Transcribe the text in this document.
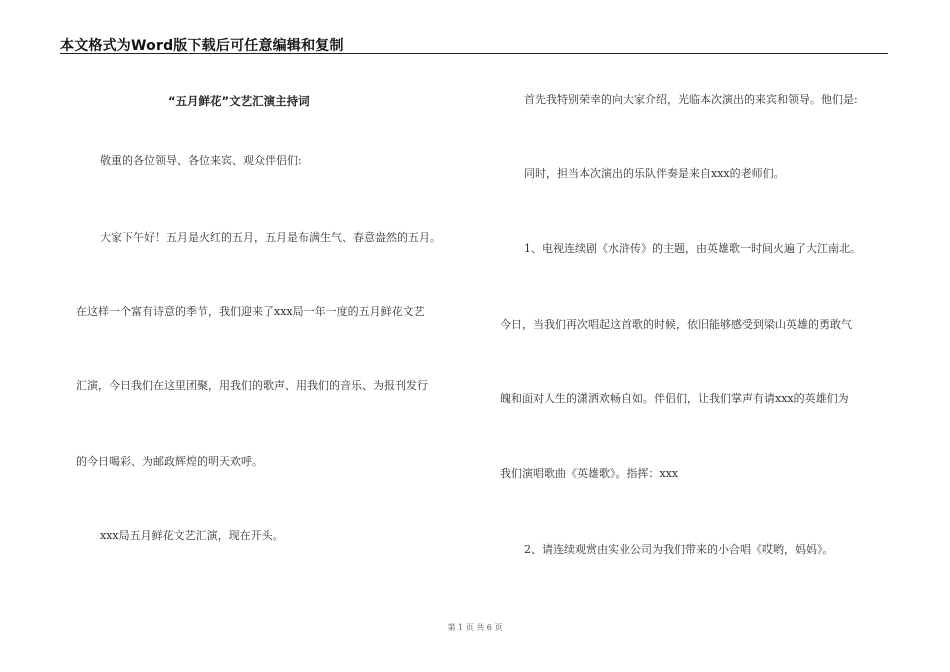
本文格式为Word版下载后可任意编辑和复制
“五月鲜花”文艺汇演主持词
敬重的各位领导、各位来宾、观众伴侣们:
大家下午好！五月是火红的五月，五月是布满生气、春意盎然的五月。
在这样一个富有诗意的季节，我们迎来了xxx局一年一度的五月鲜花文艺
汇演，今日我们在这里团聚，用我们的歌声、用我们的音乐、为报刊发行
的今日喝彩、为邮政辉煌的明天欢呼。
xxx局五月鲜花文艺汇演，现在开头。
首先我特别荣幸的向大家介绍，光临本次演出的来宾和领导。他们是:
同时，担当本次演出的乐队伴奏是来自xxx的老师们。
1、电视连续剧《水浒传》的主题，由英雄歌一时间火遍了大江南北。
今日，当我们再次唱起这首歌的时候，依旧能够感受到梁山英雄的勇敢气
魄和面对人生的潇洒欢畅自如。伴侣们，让我们掌声有请xxx的英雄们为
我们演唱歌曲《英雄歌》。指挥：xxx
2、请连续观赏由实业公司为我们带来的小合唱《哎哟，妈妈》。
第 1 页 共 6 页
